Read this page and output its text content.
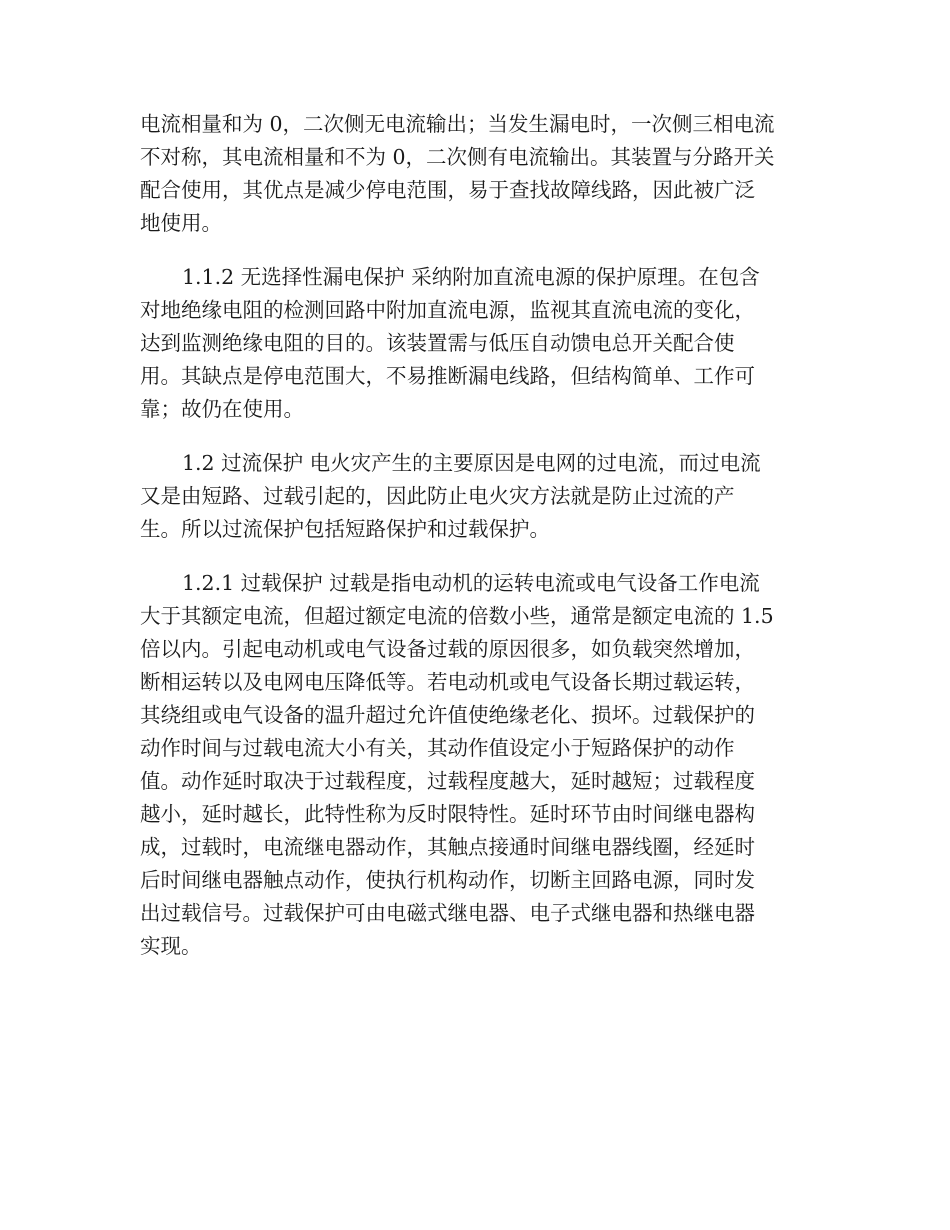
电流相量和为 0，二次侧无电流输出；当发生漏电时，一次侧三相电流
不对称，其电流相量和不为 0，二次侧有电流输出。其装置与分路开关
配合使用，其优点是减少停电范围，易于查找故障线路，因此被广泛
地使用。

1.1.2 无选择性漏电保护 采纳附加直流电源的保护原理。在包含
对地绝缘电阻的检测回路中附加直流电源，监视其直流电流的变化，
达到监测绝缘电阻的目的。该装置需与低压自动馈电总开关配合使
用。其缺点是停电范围大，不易推断漏电线路，但结构简单、工作可
靠；故仍在使用。

1.2 过流保护 电火灾产生的主要原因是电网的过电流，而过电流
又是由短路、过载引起的，因此防止电火灾方法就是防止过流的产
生。所以过流保护包括短路保护和过载保护。

1.2.1 过载保护 过载是指电动机的运转电流或电气设备工作电流
大于其额定电流，但超过额定电流的倍数小些，通常是额定电流的 1.5
倍以内。引起电动机或电气设备过载的原因很多，如负载突然增加，
断相运转以及电网电压降低等。若电动机或电气设备长期过载运转，
其绕组或电气设备的温升超过允许值使绝缘老化、损坏。过载保护的
动作时间与过载电流大小有关，其动作值设定小于短路保护的动作
值。动作延时取决于过载程度，过载程度越大，延时越短；过载程度
越小，延时越长，此特性称为反时限特性。延时环节由时间继电器构
成，过载时，电流继电器动作，其触点接通时间继电器线圈，经延时
后时间继电器触点动作，使执行机构动作，切断主回路电源，同时发
出过载信号。过载保护可由电磁式继电器、电子式继电器和热继电器
实现。
